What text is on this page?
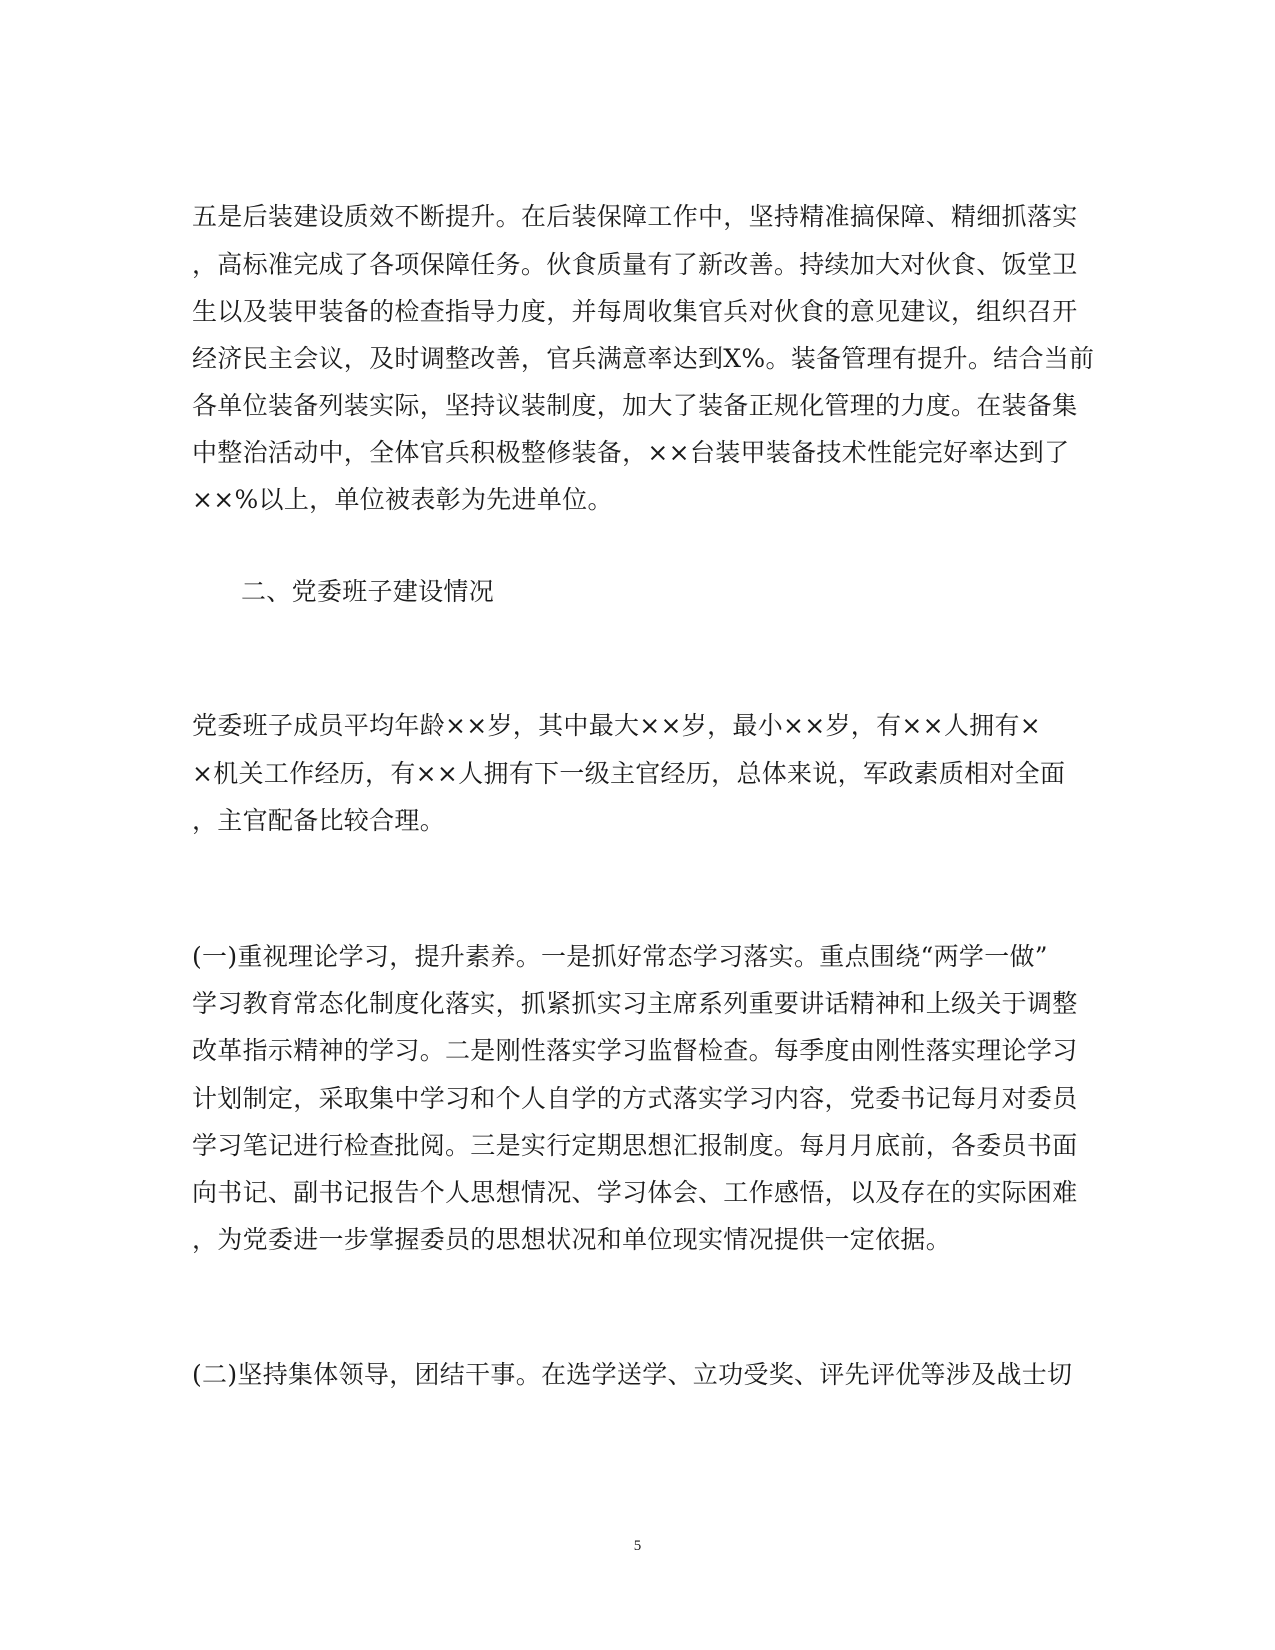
五是后装建设质效不断提升。在后装保障工作中，坚持精准搞保障、精细抓落实
，高标准完成了各项保障任务。伙食质量有了新改善。持续加大对伙食、饭堂卫
生以及装甲装备的检查指导力度，并每周收集官兵对伙食的意见建议，组织召开
经济民主会议，及时调整改善，官兵满意率达到X%。装备管理有提升。结合当前
各单位装备列装实际，坚持议装制度，加大了装备正规化管理的力度。在装备集
中整治活动中，全体官兵积极整修装备，××台装甲装备技术性能完好率达到了
××%以上，单位被表彰为先进单位。
二、党委班子建设情况
党委班子成员平均年龄××岁，其中最大××岁，最小××岁，有××人拥有×
×机关工作经历，有××人拥有下一级主官经历，总体来说，军政素质相对全面
，主官配备比较合理。
(一)重视理论学习，提升素养。一是抓好常态学习落实。重点围绕“两学一做”
学习教育常态化制度化落实，抓紧抓实习主席系列重要讲话精神和上级关于调整
改革指示精神的学习。二是刚性落实学习监督检查。每季度由刚性落实理论学习
计划制定，采取集中学习和个人自学的方式落实学习内容，党委书记每月对委员
学习笔记进行检查批阅。三是实行定期思想汇报制度。每月月底前，各委员书面
向书记、副书记报告个人思想情况、学习体会、工作感悟，以及存在的实际困难
，为党委进一步掌握委员的思想状况和单位现实情况提供一定依据。
(二)坚持集体领导，团结干事。在选学送学、立功受奖、评先评优等涉及战士切
5
